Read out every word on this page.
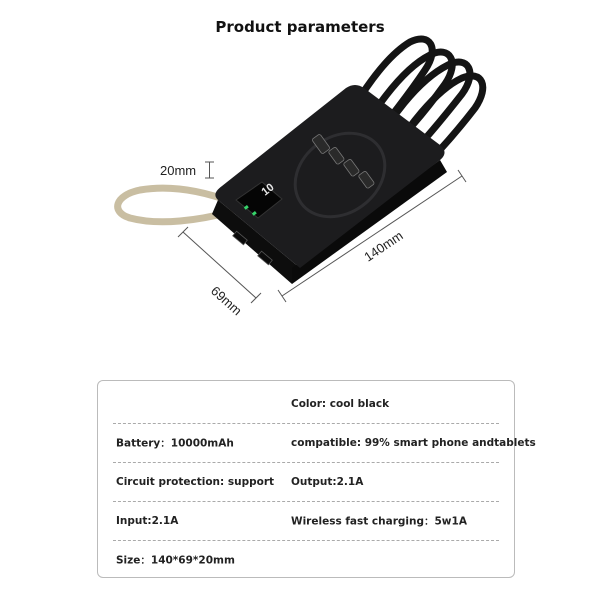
Product parameters
10
20mm
140mm
69mm
Color: cool black
Battery：10000mAh	compatible: 99% smart phone andtablets
Circuit protection: support Output:2.1A
Input:2.1A	Wireless fast charging：5w1A
Size：140*69*20mm
